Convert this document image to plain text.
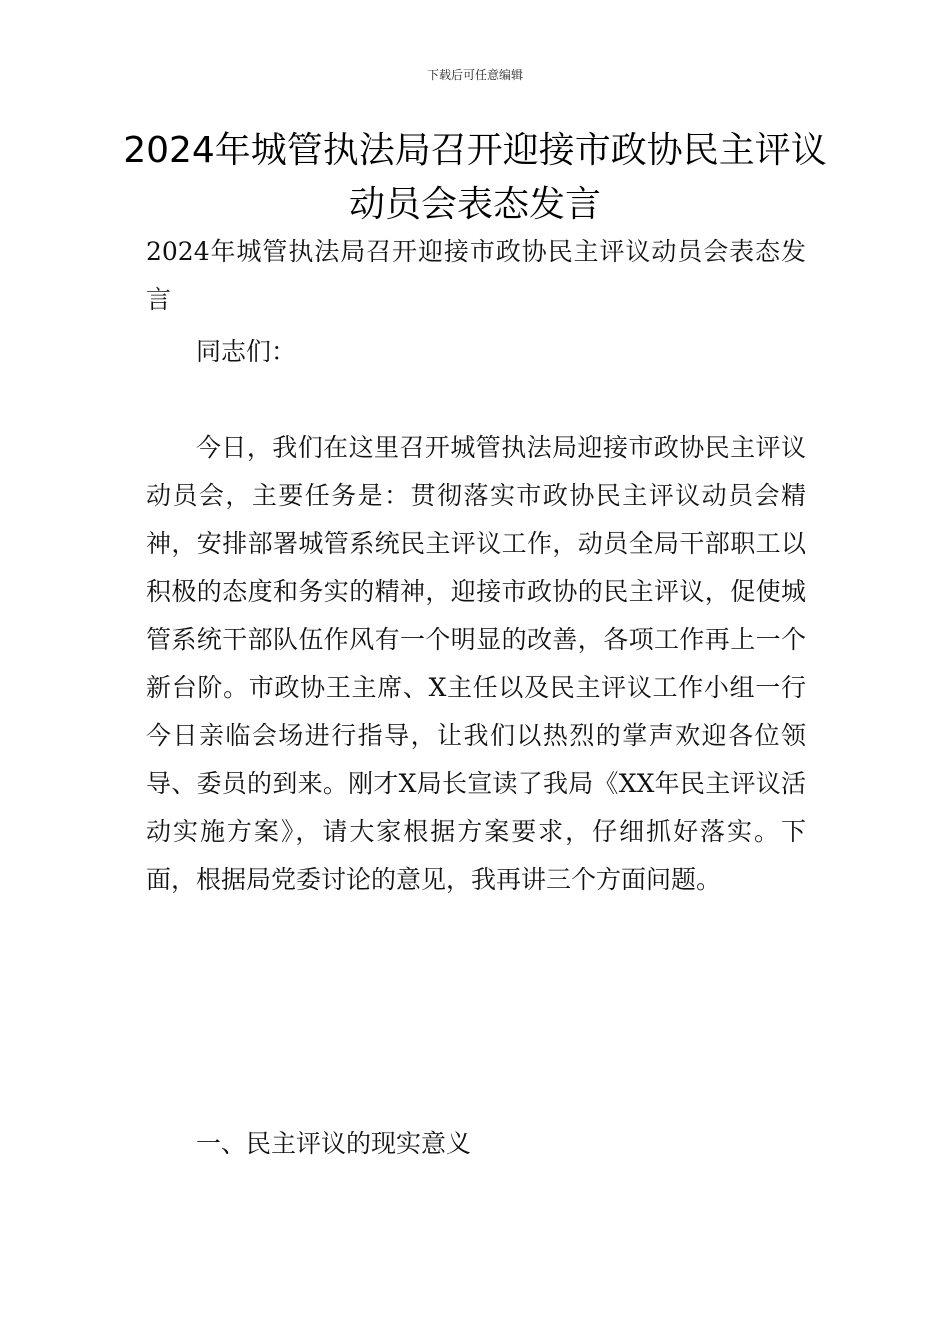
下载后可任意编辑
2024年城管执法局召开迎接市政协民主评议动员会表态发言

2024年城管执法局召开迎接市政协民主评议动员会表态发言

同志们：

今日，我们在这里召开城管执法局迎接市政协民主评议动员会，主要任务是：贯彻落实市政协民主评议动员会精神，安排部署城管系统民主评议工作，动员全局干部职工以积极的态度和务实的精神，迎接市政协的民主评议，促使城管系统干部队伍作风有一个明显的改善，各项工作再上一个新台阶。市政协王主席、X主任以及民主评议工作小组一行今日亲临会场进行指导，让我们以热烈的掌声欢迎各位领导、委员的到来。刚才X局长宣读了我局《XX年民主评议活动实施方案》，请大家根据方案要求，仔细抓好落实。下面，根据局党委讨论的意见，我再讲三个方面问题。

一、民主评议的现实意义
